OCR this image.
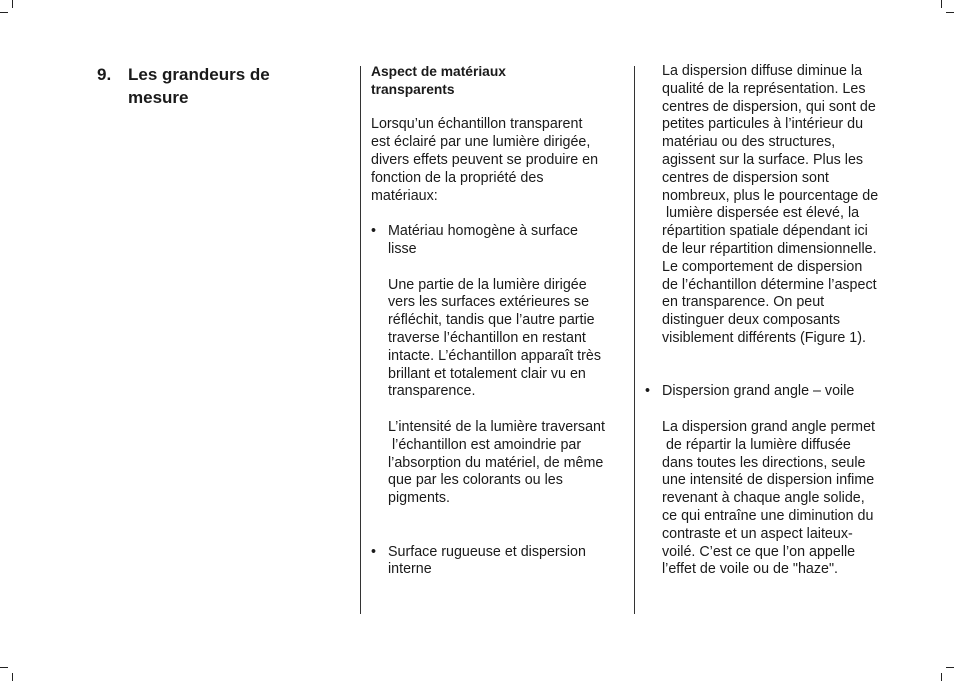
9. Les grandeurs de
mesure
Aspect de matériaux
transparents
Lorsqu’un échantillon transparent
est éclairé par une lumière dirigée,
divers effets peuvent se produire en
fonction de la propriété des
matériaux:
• Matériau homogène à surface
lisse
Une partie de la lumière dirigée
vers les surfaces extérieures se
réfléchit, tandis que l’autre partie
traverse l’échantillon en restant
intacte. L’échantillon apparaît très
brillant et totalement clair vu en
transparence.
L’intensité de la lumière traversant
l’échantillon est amoindrie par
l’absorption du matériel, de même
que par les colorants ou les
pigments.
• Surface rugueuse et dispersion
interne
La dispersion diffuse diminue la
qualité de la représentation. Les
centres de dispersion, qui sont de
petites particules à l’intérieur du
matériau ou des structures,
agissent sur la surface. Plus les
centres de dispersion sont
nombreux, plus le pourcentage de
lumière dispersée est élevé, la
répartition spatiale dépendant ici
de leur répartition dimensionnelle.
Le comportement de dispersion
de l’échantillon détermine l’aspect
en transparence. On peut
distinguer deux composants
visiblement différents (Figure 1).
• Dispersion grand angle – voile
La dispersion grand angle permet
de répartir la lumière diffusée
dans toutes les directions, seule
une intensité de dispersion infime
revenant à chaque angle solide,
ce qui entraîne une diminution du
contraste et un aspect laiteux-
voilé. C’est ce que l’on appelle
l’effet de voile ou de "haze".
